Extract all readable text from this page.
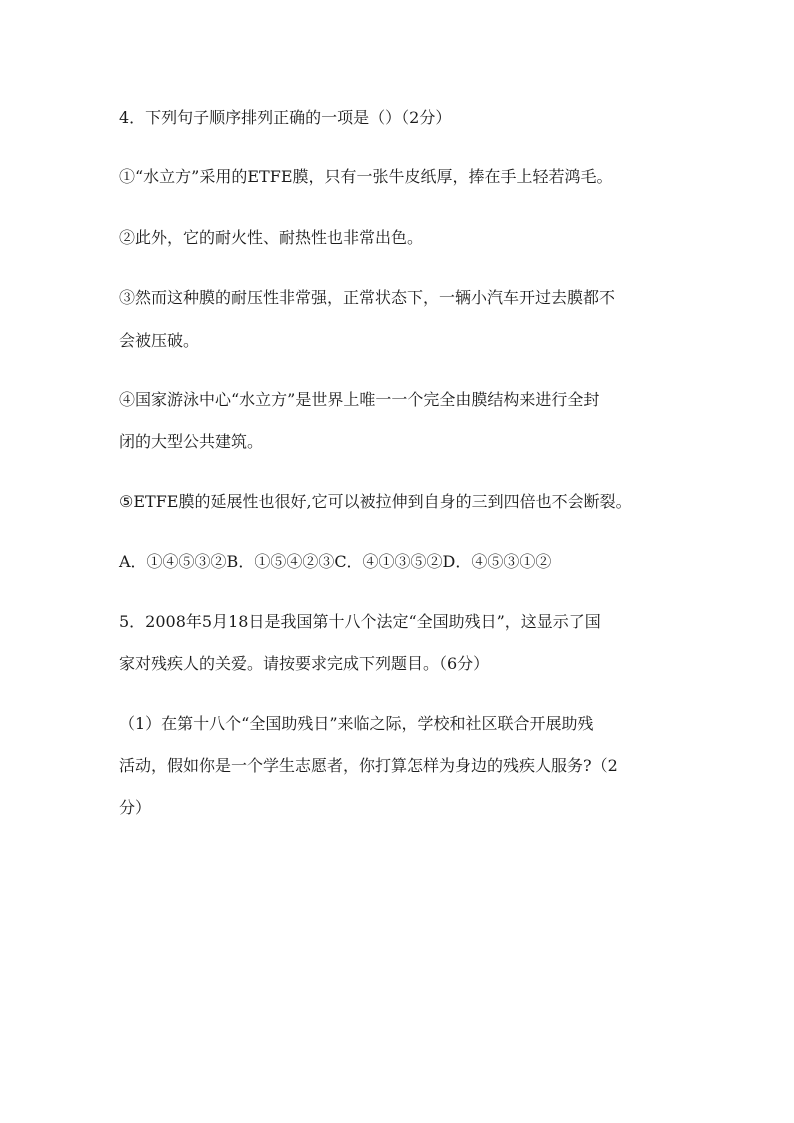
4．下列句子顺序排列正确的一项是（）（2分）
①“水立方”采用的ETFE膜，只有一张牛皮纸厚，捧在手上轻若鸿毛。
②此外，它的耐火性、耐热性也非常出色。
③然而这种膜的耐压性非常强，正常状态下，一辆小汽车开过去膜都不
会被压破。
④国家游泳中心“水立方”是世界上唯一一个完全由膜结构来进行全封
闭的大型公共建筑。
⑤ETFE膜的延展性也很好,它可以被拉伸到自身的三到四倍也不会断裂。
A．①④⑤③②B．①⑤④②③C．④①③⑤②D．④⑤③①②
5．2008年5月18日是我国第十八个法定“全国助残日”，这显示了国
家对残疾人的关爱。请按要求完成下列题目。（6分）
（1）在第十八个“全国助残日”来临之际，学校和社区联合开展助残
活动，假如你是一个学生志愿者，你打算怎样为身边的残疾人服务?（2
分）
